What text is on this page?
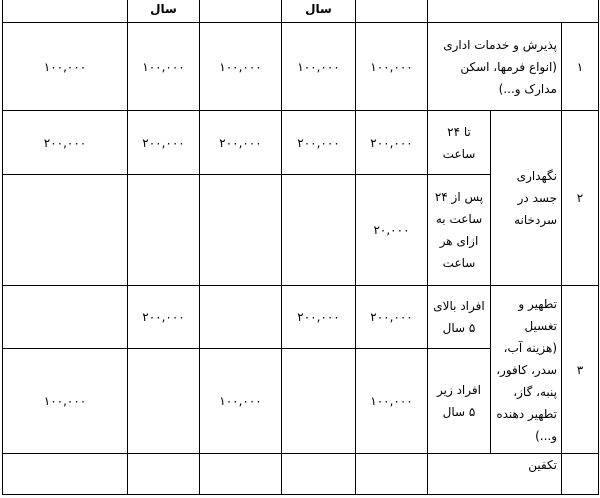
				سال		سال	
۱	پذیرش و خدمات اداری (انواع فرمها، اسکن مدارک و...)		۱۰۰,۰۰۰	۱۰۰,۰۰۰	۱۰۰,۰۰۰	۱۰۰,۰۰۰	۱۰۰,۰۰۰
۲	نگهداری جسد در سردخانه	تا ۲۴ ساعت	۲۰۰,۰۰۰	۲۰۰,۰۰۰	۲۰۰,۰۰۰	۲۰۰,۰۰۰	۲۰۰,۰۰۰
		پس از ۲۴ ساعت به ازای هر ساعت	۲۰,۰۰۰				
۳	تطهیر و تغسیل (هزینه آب، سدر، کافور، پنبه، گاز، تطهیر دهنده و...)	افراد بالای ۵ سال	۲۰۰,۰۰۰	۲۰۰,۰۰۰		۲۰۰,۰۰۰	
		افراد زیر ۵ سال	۱۰۰,۰۰۰		۱۰۰,۰۰۰		۱۰۰,۰۰۰
	تکفین						
